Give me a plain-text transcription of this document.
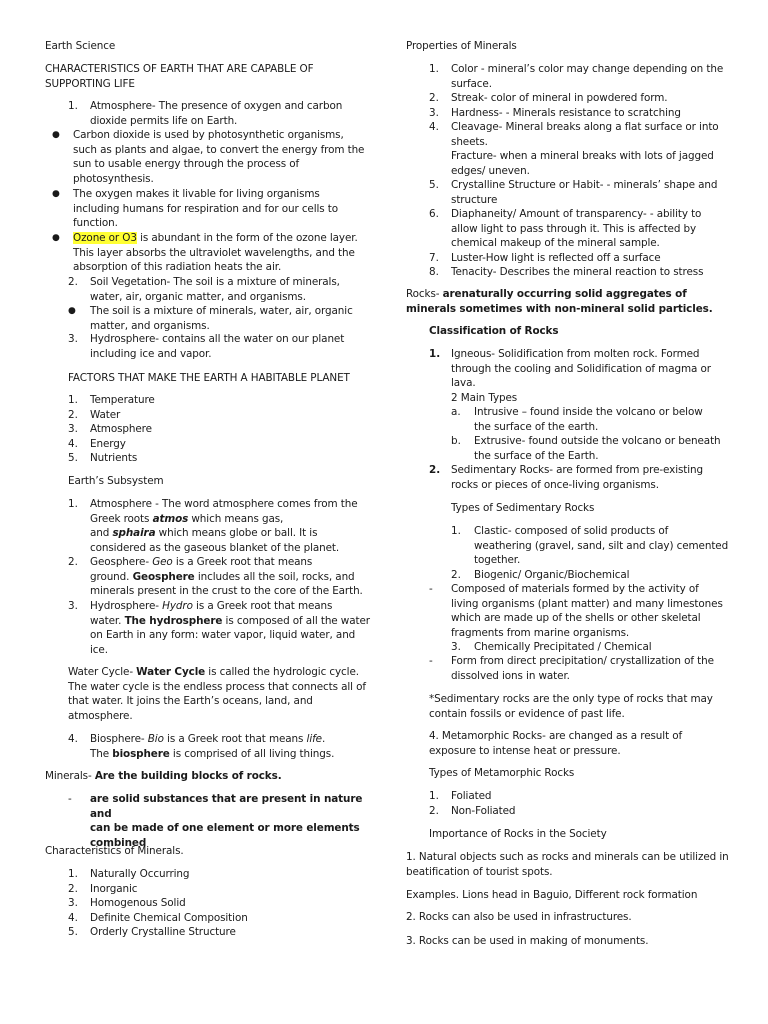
Earth Science
CHARACTERISTICS OF EARTH THAT ARE CAPABLE OF
SUPPORTING LIFE
1. Atmosphere- The presence of oxygen and carbon
dioxide permits life on Earth.
● Carbon dioxide is used by photosynthetic organisms,
such as plants and algae, to convert the energy from the
sun to usable energy through the process of
photosynthesis.
● The oxygen makes it livable for living organisms
including humans for respiration and for our cells to
function.
● Ozone or O3 is abundant in the form of the ozone layer.
This layer absorbs the ultraviolet wavelengths, and the
absorption of this radiation heats the air.
2. Soil Vegetation- The soil is a mixture of minerals,
water, air, organic matter, and organisms.
● The soil is a mixture of minerals, water, air, organic
matter, and organisms.
3. Hydrosphere- contains all the water on our planet
including ice and vapor.
FACTORS THAT MAKE THE EARTH A HABITABLE PLANET
1.
2.
3.
4.
5.
Temperature
Water
Atmosphere
Energy
Nutrients
Earth’s Subsystem
1. Atmosphere - The word atmosphere comes from the
Greek roots atmos which means gas,
and sphaira which means globe or ball. It is
considered as the gaseous blanket of the planet.
2. Geosphere- Geo is a Greek root that means
ground. Geosphere includes all the soil, rocks, and
minerals present in the crust to the core of the Earth.
3. Hydrosphere- Hydro is a Greek root that means
water. The hydrosphere is composed of all the water
on Earth in any form: water vapor, liquid water, and
ice.
Water Cycle- Water Cycle is called the hydrologic cycle.
The water cycle is the endless process that connects all of
that water. It joins the Earth’s oceans, land, and
atmosphere.
4. Biosphere- Bio is a Greek root that means life.
The biosphere is comprised of all living things.
Minerals- Are the building blocks of rocks.
- are solid substances that are present in nature and
can be made of one element or more elements
combined
Characteristics of Minerals.
1.
2.
3.
4.
5.
Naturally Occurring
Inorganic
Homogenous Solid
Definite Chemical Composition
Orderly Crystalline Structure
Properties of Minerals
1.

2.
3.
4.

5.

6.

7.
8.
Color - mineral’s color may change depending on the
surface.
Streak- color of mineral in powdered form.
Hardness- - Minerals resistance to scratching
Cleavage- Mineral breaks along a flat surface or into
sheets.
Fracture- when a mineral breaks with lots of jagged
edges/ uneven.
Crystalline Structure or Habit- - minerals’ shape and
structure
Diaphaneity/ Amount of transparency- - ability to
allow light to pass through it. This is affected by
chemical makeup of the mineral sample.
Luster-How light is reflected off a surface
Tenacity- Describes the mineral reaction to stress
Rocks- arenaturally occurring solid aggregates of
minerals sometimes with non-mineral solid particles.
Classification of Rocks
1. Igneous- Solidification from molten rock. Formed
through the cooling and Solidification of magma or
lava.
2 Main Types
a. Intrusive – found inside the volcano or below
the surface of the earth.
b. Extrusive- found outside the volcano or beneath
the surface of the Earth.
2. Sedimentary Rocks- are formed from pre-existing
rocks or pieces of once-living organisms.
Types of Sedimentary Rocks
1. Clastic- composed of solid products of
weathering (gravel, sand, silt and clay) cemented
together.
2. Biogenic/ Organic/Biochemical
- Composed of materials formed by the activity of
living organisms (plant matter) and many limestones
which are made up of the shells or other skeletal
fragments from marine organisms.
3. Chemically Precipitated / Chemical
- Form from direct precipitation/ crystallization of the
dissolved ions in water.
*Sedimentary rocks are the only type of rocks that may
contain fossils or evidence of past life.
4. Metamorphic Rocks- are changed as a result of
exposure to intense heat or pressure.
Types of Metamorphic Rocks
1.
2.
Foliated
Non-Foliated
Importance of Rocks in the Society
1. Natural objects such as rocks and minerals can be utilized in
beatification of tourist spots.
Examples. Lions head in Baguio, Different rock formation
2. Rocks can also be used in infrastructures.
3. Rocks can be used in making of monuments.
